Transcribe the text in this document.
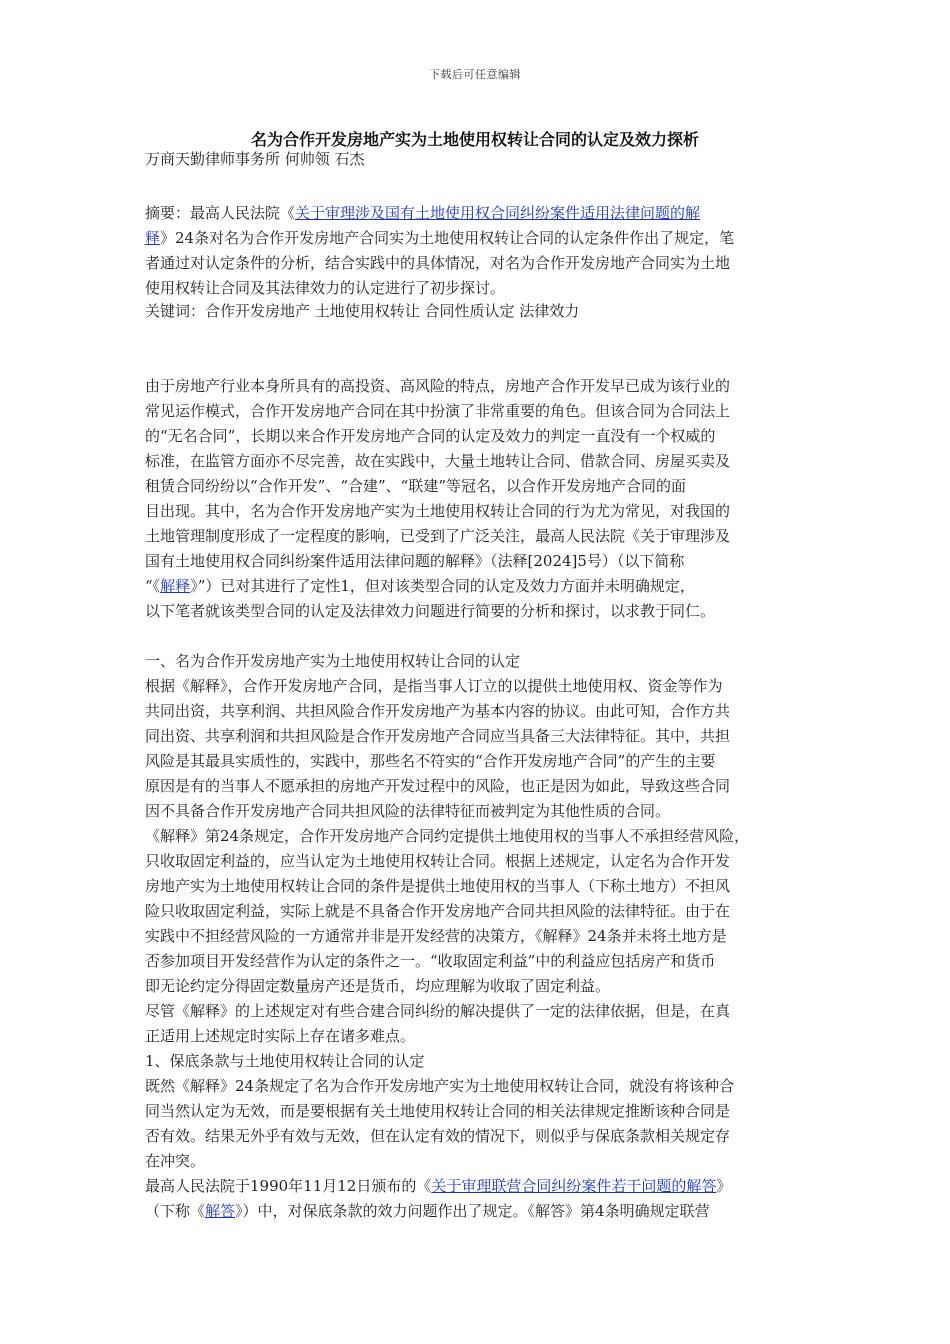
下载后可任意编辑
名为合作开发房地产实为土地使用权转让合同的认定及效力探析
万商天勤律师事务所 何帅领 石杰
摘要：最高人民法院《关于审理涉及国有土地使用权合同纠纷案件适用法律问题的解
释》24条对名为合作开发房地产合同实为土地使用权转让合同的认定条件作出了规定，笔
者通过对认定条件的分析，结合实践中的具体情况，对名为合作开发房地产合同实为土地
使用权转让合同及其法律效力的认定进行了初步探讨。
关键词：合作开发房地产 土地使用权转让 合同性质认定 法律效力
由于房地产行业本身所具有的高投资、高风险的特点，房地产合作开发早已成为该行业的
常见运作模式，合作开发房地产合同在其中扮演了非常重要的角色。但该合同为合同法上
的“无名合同”，长期以来合作开发房地产合同的认定及效力的判定一直没有一个权威的
标准，在监管方面亦不尽完善，故在实践中，大量土地转让合同、借款合同、房屋买卖及
租赁合同纷纷以“合作开发”、“合建”、“联建”等冠名，以合作开发房地产合同的面
目出现。其中，名为合作开发房地产实为土地使用权转让合同的行为尤为常见，对我国的
土地管理制度形成了一定程度的影响，已受到了广泛关注，最高人民法院《关于审理涉及
国有土地使用权合同纠纷案件适用法律问题的解释》（法释[2024]5号）（以下简称
“《解释》”）已对其进行了定性1，但对该类型合同的认定及效力方面并未明确规定，
以下笔者就该类型合同的认定及法律效力问题进行简要的分析和探讨，以求教于同仁。
一、名为合作开发房地产实为土地使用权转让合同的认定
根据《解释》，合作开发房地产合同，是指当事人订立的以提供土地使用权、资金等作为
共同出资，共享利润、共担风险合作开发房地产为基本内容的协议。由此可知，合作方共
同出资、共享利润和共担风险是合作开发房地产合同应当具备三大法律特征。其中，共担
风险是其最具实质性的，实践中，那些名不符实的“合作开发房地产合同”的产生的主要
原因是有的当事人不愿承担的房地产开发过程中的风险，也正是因为如此，导致这些合同
因不具备合作开发房地产合同共担风险的法律特征而被判定为其他性质的合同。
《解释》第24条规定，合作开发房地产合同约定提供土地使用权的当事人不承担经营风险，
只收取固定利益的，应当认定为土地使用权转让合同。根据上述规定，认定名为合作开发
房地产实为土地使用权转让合同的条件是提供土地使用权的当事人（下称土地方）不担风
险只收取固定利益，实际上就是不具备合作开发房地产合同共担风险的法律特征。由于在
实践中不担经营风险的一方通常并非是开发经营的决策方，《解释》24条并未将土地方是
否参加项目开发经营作为认定的条件之一。“收取固定利益”中的利益应包括房产和货币
即无论约定分得固定数量房产还是货币，均应理解为收取了固定利益。
尽管《解释》的上述规定对有些合建合同纠纷的解决提供了一定的法律依据，但是，在真
正适用上述规定时实际上存在诸多难点。
1、保底条款与土地使用权转让合同的认定
既然《解释》24条规定了名为合作开发房地产实为土地使用权转让合同，就没有将该种合
同当然认定为无效，而是要根据有关土地使用权转让合同的相关法律规定推断该种合同是
否有效。结果无外乎有效与无效，但在认定有效的情况下，则似乎与保底条款相关规定存
在冲突。
最高人民法院于1990年11月12日颁布的《关于审理联营合同纠纷案件若干问题的解答》
（下称《解答》）中，对保底条款的效力问题作出了规定。《解答》第4条明确规定联营
